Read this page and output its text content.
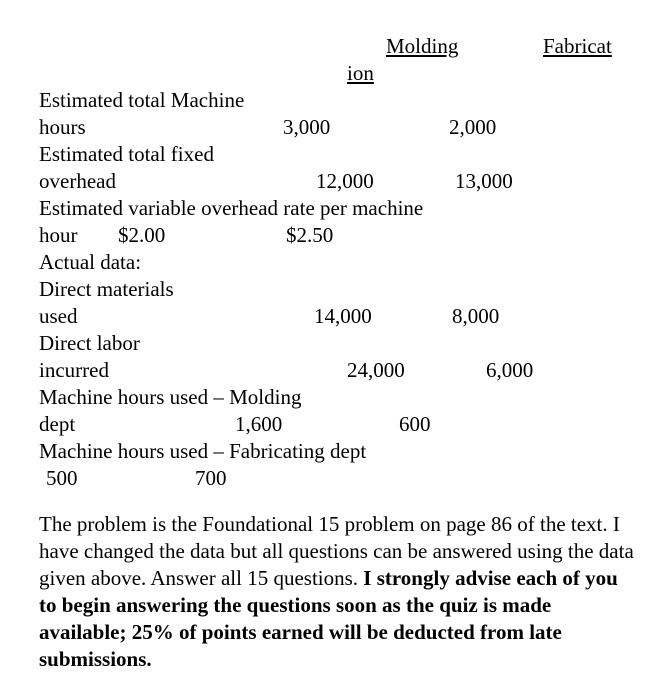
Molding	Fabricat
ion
Estimated total Machine
hours	3,000	2,000
Estimated total fixed
overhead	12,000	13,000
Estimated variable overhead rate per machine
hour $2.00	$2.50
Actual data:
Direct materials
used	14,000	8,000
Direct labor
incurred	24,000	6,000
Machine hours used – Molding
dept	1,600	600
Machine hours used – Fabricating dept
500	700
The problem is the Foundational 15 problem on page 86 of the text. I have changed the data but all questions can be answered using the data given above. Answer all 15 questions. I strongly advise each of you to begin answering the questions soon as the quiz is made available; 25% of points earned will be deducted from late submissions.
